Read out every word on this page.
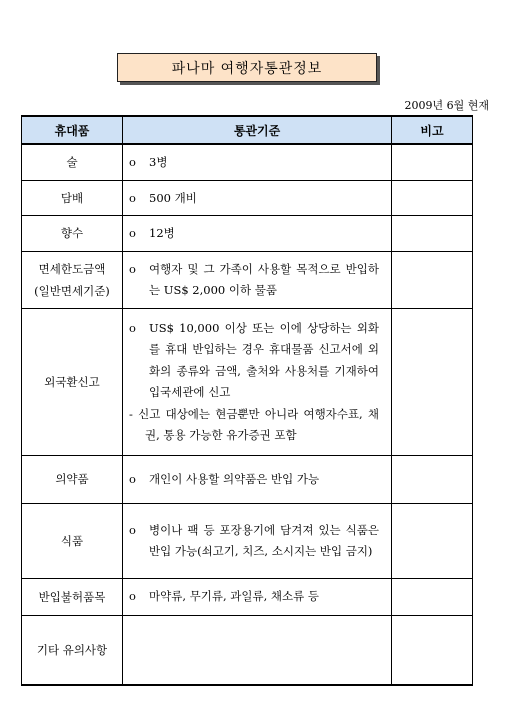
파나마 여행자통관정보
2009년 6월 현재
휴대품	통관기준	비고
술	o 3병	

담배	o 500 개비	

향수	o 12병	

면세한도금액
(일반면세기준)	o 여행자 및 그 가족이 사용할 목적으로 반입하는 US$ 2,000 이하 물품	

외국환신고	o US$ 10,000 이상 또는 이에 상당하는 외화를 휴대 반입하는 경우 휴대물품 신고서에 외화의 종류와 금액, 출처와 사용처를 기재하여 입국세관에 신고

- 신고 대상에는 현금뿐만 아니라 여행자수표, 채권, 통용 가능한 유가증권 포함	

의약품	o 개인이 사용할 의약품은 반입 가능	

식품	o 병이나 팩 등 포장용기에 담겨져 있는 식품은 반입 가능(쇠고기, 치즈, 소시지는 반입 금지)	

반입불허품목	o 마약류, 무기류, 과일류, 채소류 등	

기타 유의사항		
